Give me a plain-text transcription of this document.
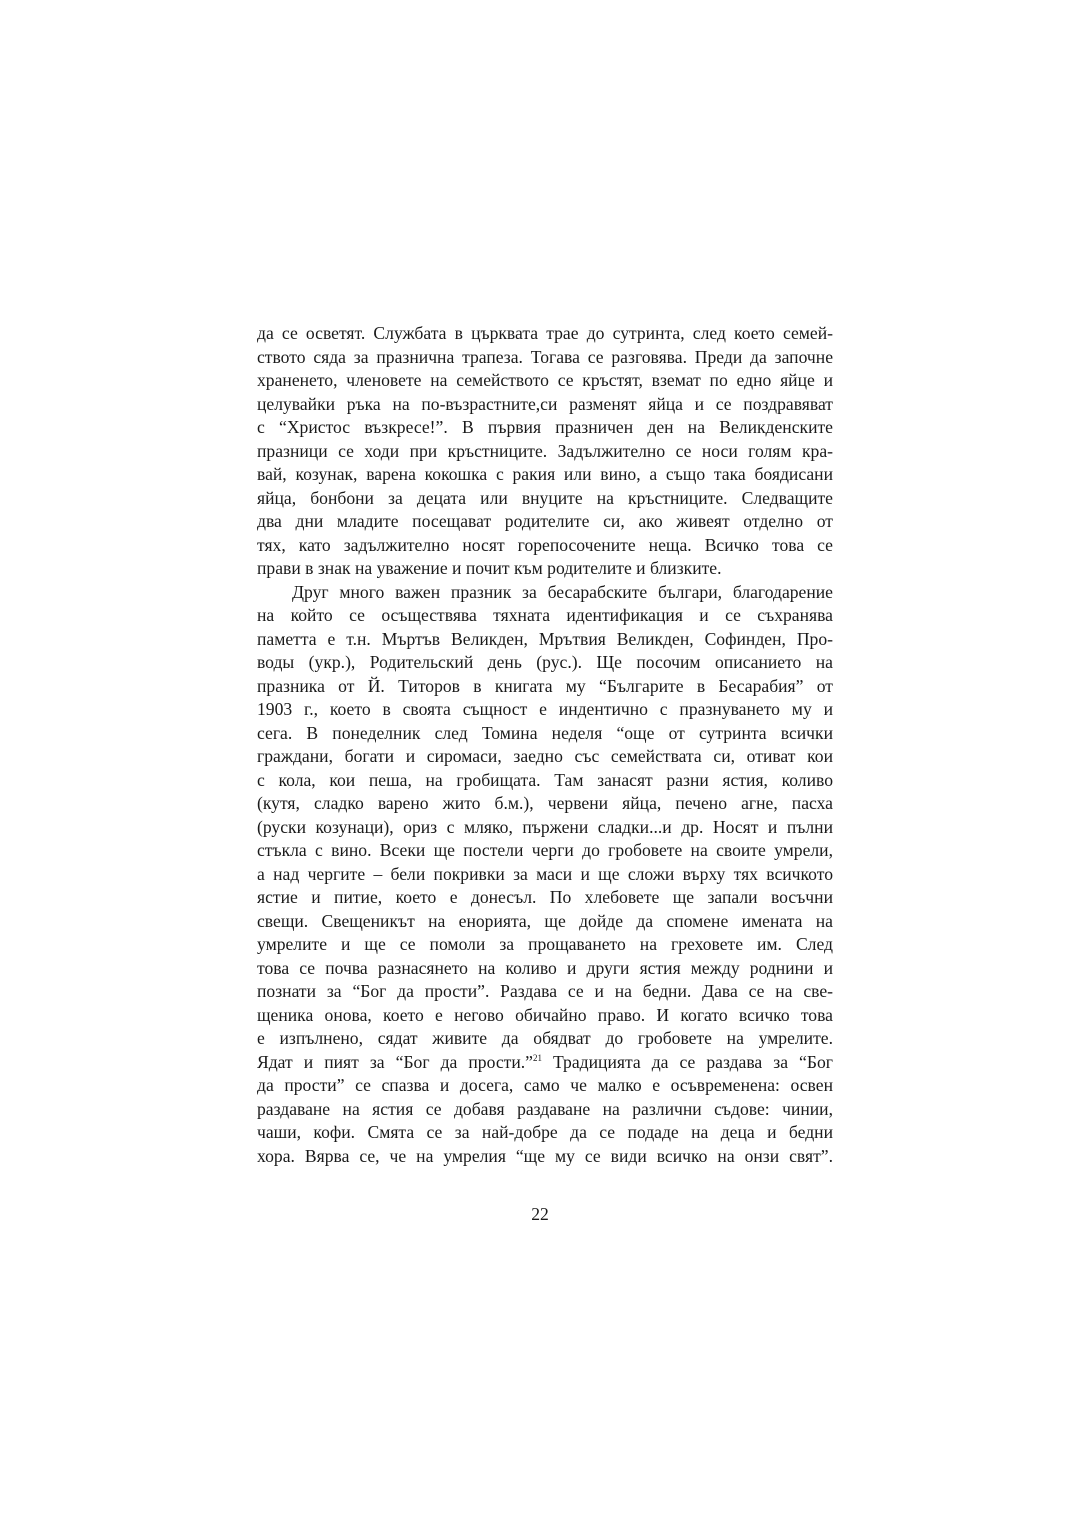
да се осветят. Службата в църквата трае до сутринта, след което семей-
ството сяда за празнична трапеза. Тогава се разговява. Преди да започне
храненето, членовете на семейството се кръстят, вземат по едно яйце и
целувайки ръка на по-възрастните,си разменят яйца и се поздравяват
с “Христос възкресе!”. В първия празничен ден на Великденските
празници се ходи при кръстниците. Задължително се носи голям кра-
вай, козунак, варена кокошка с ракия или вино, а също така боядисани
яйца, бонбони за децата или внуците на кръстниците. Следващите
два дни младите посещават родителите си, ако живеят отделно от
тях, като задължително носят горепосочените неща. Всичко това се
прави в знак на уважение и почит към родителите и близките.
Друг много важен празник за бесарабските българи, благодарение
на който се осъществява тяхната идентификация и се съхранява
паметта е т.н. Мъртъв Великден, Мрътвия Великден, Софинден, Про-
воды (укр.), Родительский день (рус.). Ще посочим описанието на
празника от Й. Титоров в книгата му “Българите в Бесарабия” от
1903 г., което в своята същност е индентично с празнуването му и
сега. В понеделник след Томина неделя “още от сутринта всички
граждани, богати и сиромаси, заедно със семействата си, отиват кои
с кола, кои пеша, на гробищата. Там занасят разни ястия, коливо
(кутя, сладко варено жито б.м.), червени яйца, печено агне, пасха
(руски козунаци), ориз с мляко, пържени сладки...и др. Носят и пълни
стъкла с вино. Всеки ще постели черги до гробовете на своите умрели,
а над чергите – бели покривки за маси и ще сложи върху тях всичкото
ястие и питие, което е донесъл. По хлебовете ще запали восъчни
свещи. Свещеникът на енорията, ще дойде да спомене имената на
умрелите и ще се помоли за прощаването на греховете им. След
това се почва разнасянето на коливо и други ястия между роднини и
познати за “Бог да прости”. Раздава се и на бедни. Дава се на све-
щеника онова, което е негово обичайно право. И когато всичко това
е изпълнено, сядат живите да обядват до гробовете на умрелите.
Ядат и пият за “Бог да прости.”$^{21}$ Традицията да се раздава за “Бог
да прости” се спазва и досега, само че малко е осъвременена: освен
раздаване на ястия се добавя раздаване на различни съдове: чинии,
чаши, кофи. Смята се за най-добре да се подаде на деца и бедни
хора. Вярва се, че на умрелия “ще му се види всичко на онзи свят”.
22
